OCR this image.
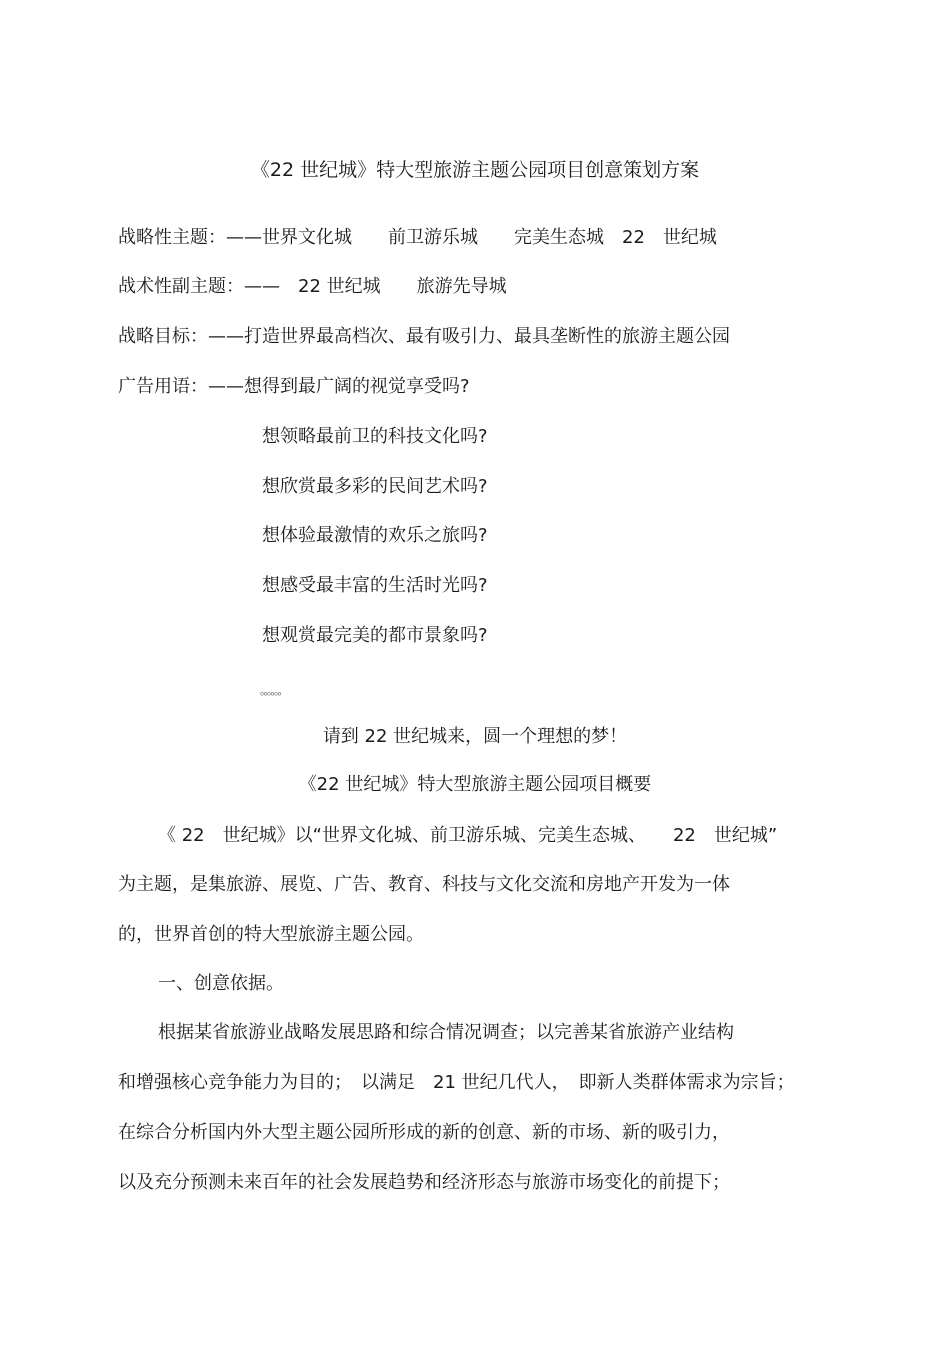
《22 世纪城》特大型旅游主题公园项目创意策划方案
战略性主题：——世界文化城　　前卫游乐城　　完美生态城　22　世纪城
战术性副主题：——　22 世纪城　　旅游先导城
战略目标：——打造世界最高档次、最有吸引力、最具垄断性的旅游主题公园
广告用语：——想得到最广阔的视觉享受吗?
想领略最前卫的科技文化吗?
想欣赏最多彩的民间艺术吗?
想体验最激情的欢乐之旅吗?
想感受最丰富的生活时光吗?
想观赏最完美的都市景象吗?
。。。。。。
请到 22 世纪城来，圆一个理想的梦！
《22 世纪城》特大型旅游主题公园项目概要
《 22　世纪城》以“世界文化城、前卫游乐城、完美生态城、　　22　世纪城”
为主题，是集旅游、展览、广告、教育、科技与文化交流和房地产开发为一体
的，世界首创的特大型旅游主题公园。
一、创意依据。
根据某省旅游业战略发展思路和综合情况调查；以完善某省旅游产业结构
和增强核心竞争能力为目的；　以满足　21 世纪几代人，　即新人类群体需求为宗旨；
在综合分析国内外大型主题公园所形成的新的创意、新的市场、新的吸引力，
以及充分预测未来百年的社会发展趋势和经济形态与旅游市场变化的前提下；
